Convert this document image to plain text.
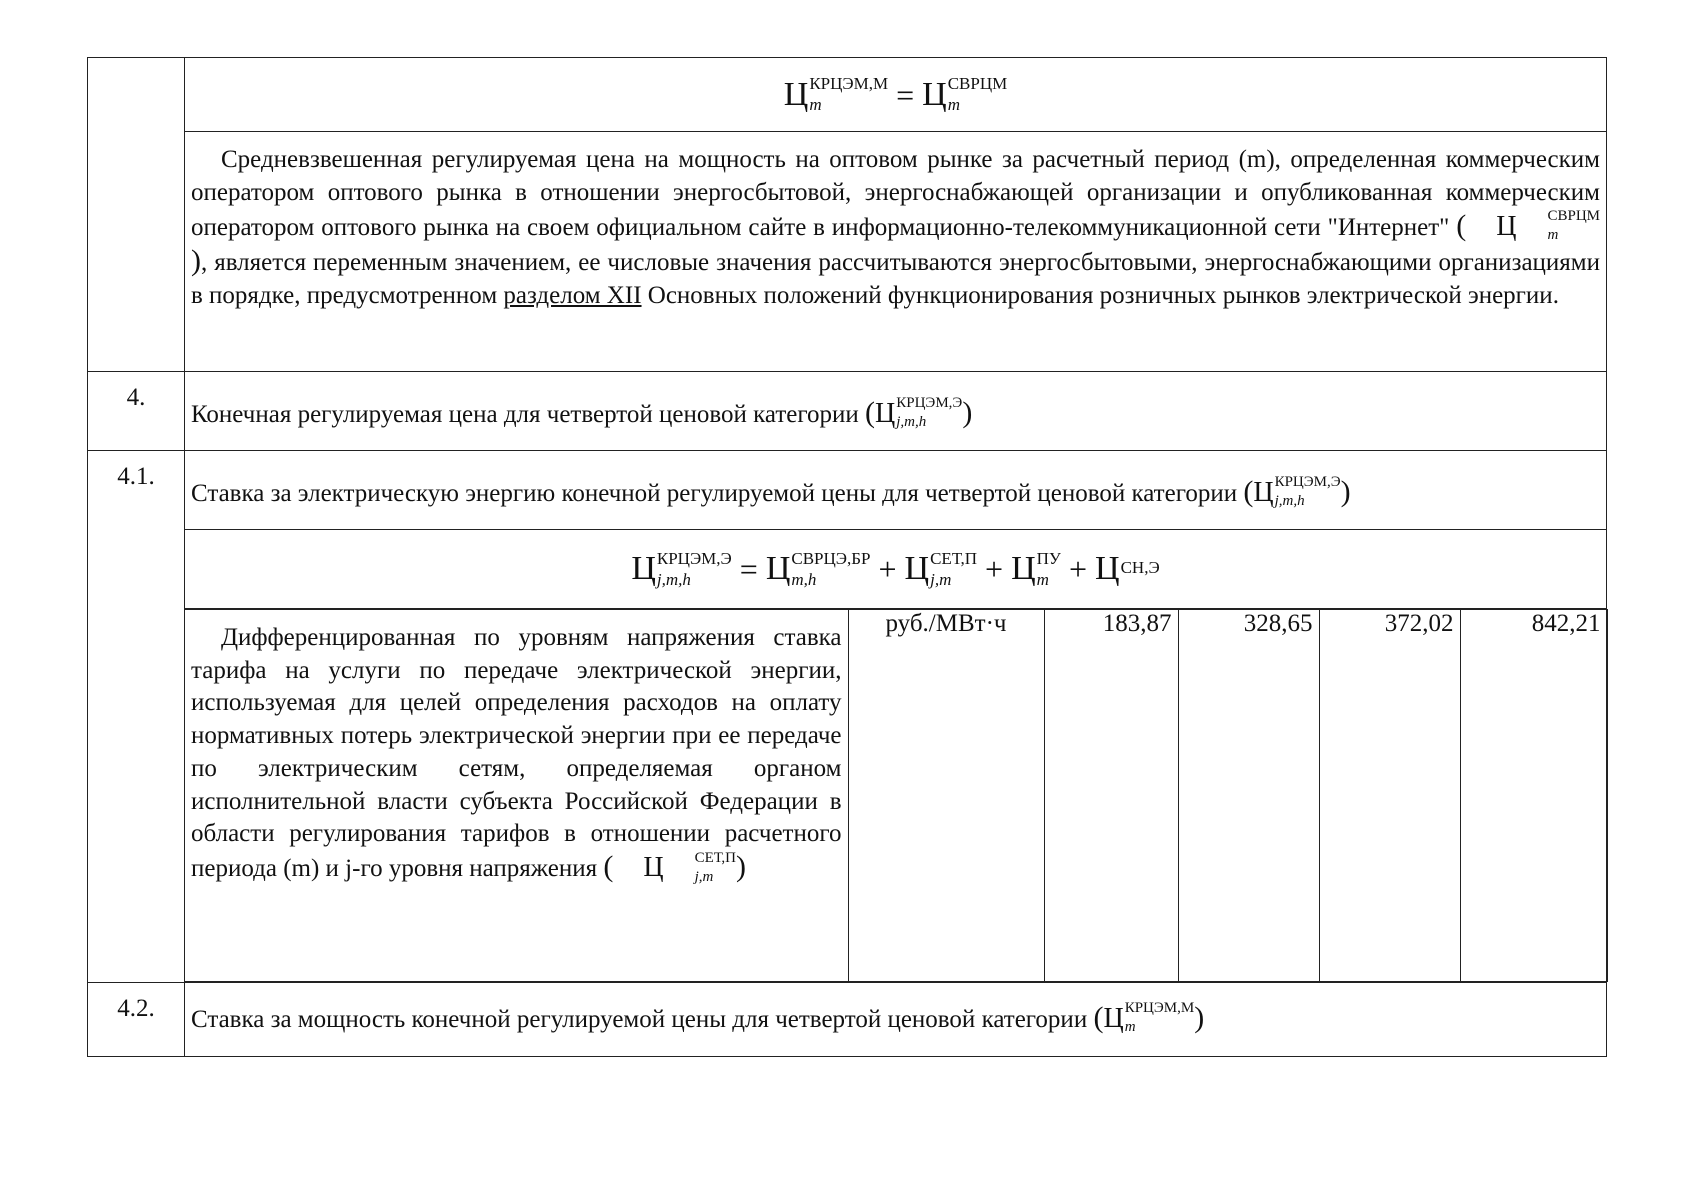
Ц КРЦЭМ,М
m = Ц СВРЦМ
m

Средневзвешенная регулируемая цена на мощность на оптовом рынке за расчетный период (m), определенная коммерческим оператором оптового рынка в отношении энергосбытовой, энергоснабжающей организации и опубликованная коммерческим оператором оптового рынка на своем официальном сайте в информационно-телекоммуникационной сети "Интернет" (	Ц	СВРЦМ
m
), является переменным значением, ее числовые значения рассчитываются энергосбытовыми, энергоснабжающими организациями в порядке, предусмотренном разделом XII Основных положений функционирования розничных рынков электрической энергии.
4.	Конечная регулируемая цена для четвертой ценовой категории ( Ц КРЦЭМ,Э
j,m,h )
4.1.	Ставка за электрическую энергию конечной регулируемой цены для четвертой ценовой категории ( Ц КРЦЭМ,Э
j,m,h )

Ц КРЦЭМ,Э
j,m,h = Ц СВРЦЭ,БР
m,h + Ц СЕТ,П
j,m + Ц ПУ
m + Ц СН,Э

Дифференцированная по уровням напряжения ставка тарифа на услуги по передаче электрической энергии, используемая для целей определения расходов на оплату нормативных потерь электрической энергии при ее передаче по электрическим сетям, определяемая органом исполнительной власти субъекта Российской Федерации в области регулирования тарифов в отношении расчетного периода (m) и j-го уровня напряжения (	Ц	СЕТ,П
j,m )	руб./МВт·ч	183,87	328,65	372,02	842,21

4.2.	Ставка за мощность конечной регулируемой цены для четвертой ценовой категории ( Ц КРЦЭМ,М
m )
